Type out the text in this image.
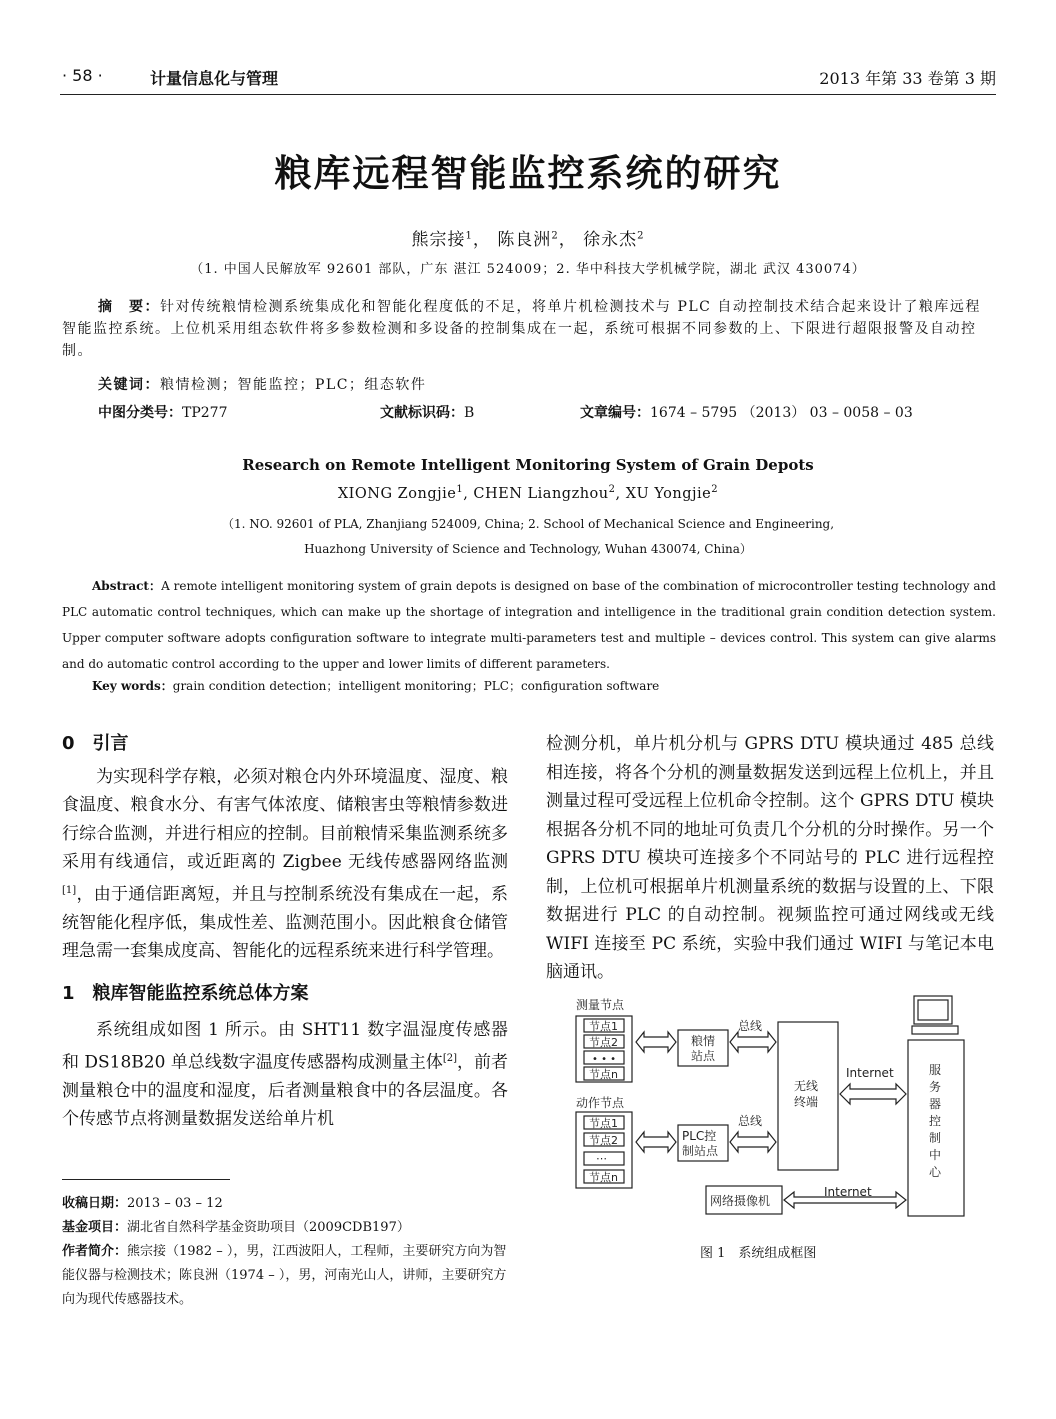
· 58 ·	计量信息化与管理	2013 年第 33 卷第 3 期
粮库远程智能监控系统的研究
熊宗接$^1$， 陈良洲$^2$， 徐永杰$^2$
（1. 中国人民解放军 92601 部队，广东 湛江 524009；2. 华中科技大学机械学院，湖北 武汉 430074）
摘　要：针对传统粮情检测系统集成化和智能化程度低的不足，将单片机检测技术与 PLC 自动控制技术结合起来设计了粮库远程智能监控系统。上位机采用组态软件将多参数检测和多设备的控制集成在一起，系统可根据不同参数的上、下限进行超限报警及自动控制。
关键词：粮情检测；智能监控；PLC；组态软件
中图分类号：TP277	文献标识码：B	文章编号：1674 – 5795 （2013） 03 – 0058 – 03
Research on Remote Intelligent Monitoring System of Grain Depots
XIONG Zongjie$^1$, CHEN Liangzhou$^2$, XU Yongjie$^2$
（1. NO. 92601 of PLA, Zhanjiang 524009, China; 2. School of Mechanical Science and Engineering,
Huazhong University of Science and Technology, Wuhan 430074, China）
Abstract：A remote intelligent monitoring system of grain depots is designed on base of the combination of microcontroller testing technology and PLC automatic control techniques, which can make up the shortage of integration and intelligence in the traditional grain condition detection system. Upper computer software adopts configuration software to integrate multi-parameters test and multiple – devices control. This system can give alarms and do automatic control according to the upper and lower limits of different parameters.
Key words：grain condition detection；intelligent monitoring；PLC；configuration software

0　引言

为实现科学存粮，必须对粮仓内外环境温度、湿度、粮食温度、粮食水分、有害气体浓度、储粮害虫等粮情参数进行综合监测，并进行相应的控制。目前粮情采集监测系统多采用有线通信，或近距离的 Zigbee 无线传感器网络监测[1]，由于通信距离短，并且与控制系统没有集成在一起，系统智能化程序低，集成性差、监测范围小。因此粮食仓储管理急需一套集成度高、智能化的远程系统来进行科学管理。

1　粮库智能监控系统总体方案

系统组成如图 1 所示。由 SHT11 数字温湿度传感器和 DS18B20 单总线数字温度传感器构成测量主体[2]，前者测量粮仓中的温度和湿度，后者测量粮食中的各层温度。各个传感节点将测量数据发送给单片机

检测分机，单片机分机与 GPRS DTU 模块通过 485 总线相连接，将各个分机的测量数据发送到远程上位机上，并且测量过程可受远程上位机命令控制。这个 GPRS DTU 模块根据各分机不同的地址可负责几个分机的分时操作。另一个 GPRS DTU 模块可连接多个不同站号的 PLC 进行远程控制，上位机可根据单片机测量系统的数据与设置的上、下限数据进行 PLC 的自动控制。视频监控可通过网线或无线 WIFI 连接至 PC 系统，实验中我们通过 WIFI 与笔记本电脑通讯。

收稿日期：2013 – 03 – 12
基金项目：湖北省自然科学基金资助项目（2009CDB197）
作者简介：熊宗接（1982 – ），男，江西波阳人，工程师，主要研究方向为智能仪器与检测技术；陈良洲（1974 – ），男，河南光山人，讲师，主要研究方向为现代传感器技术。
测量节点
节点1
节点2
• • •
节点n
粮情
站点
总线
动作节点
节点1
节点2
⋯
节点n
PLC控
制站点
总线
无线
终端
Internet	服
务
器
控
制
中
心
网络摄像机
Internet
图 1　系统组成框图
